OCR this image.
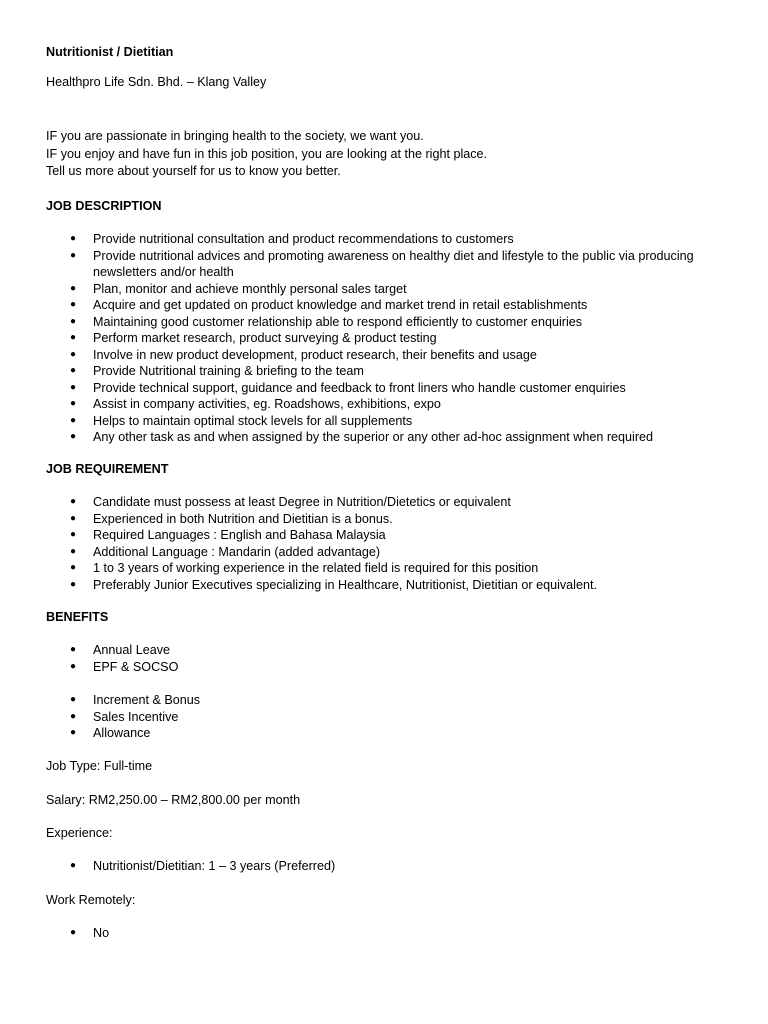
Nutritionist / Dietitian
Healthpro Life Sdn. Bhd. – Klang Valley
IF you are passionate in bringing health to the society, we want you.
IF you enjoy and have fun in this job position, you are looking at the right place.
Tell us more about yourself for us to know you better.
JOB DESCRIPTION
● Provide nutritional consultation and product recommendations to customers
● Provide nutritional advices and promoting awareness on healthy diet and lifestyle to the public via producing newsletters and/or health
● Plan, monitor and achieve monthly personal sales target
● Acquire and get updated on product knowledge and market trend in retail establishments
● Maintaining good customer relationship able to respond efficiently to customer enquiries
● Perform market research, product surveying & product testing
● Involve in new product development, product research, their benefits and usage
● Provide Nutritional training & briefing to the team
● Provide technical support, guidance and feedback to front liners who handle customer enquiries
● Assist in company activities, eg. Roadshows, exhibitions, expo
● Helps to maintain optimal stock levels for all supplements
● Any other task as and when assigned by the superior or any other ad-hoc assignment when required
JOB REQUIREMENT
● Candidate must possess at least Degree in Nutrition/Dietetics or equivalent
● Experienced in both Nutrition and Dietitian is a bonus.
● Required Languages : English and Bahasa Malaysia
● Additional Language : Mandarin (added advantage)
● 1 to 3 years of working experience in the related field is required for this position
● Preferably Junior Executives specializing in Healthcare, Nutritionist, Dietitian or equivalent.
BENEFITS
● Annual Leave
● EPF & SOCSO
● Increment & Bonus
● Sales Incentive
● Allowance
Job Type: Full-time
Salary: RM2,250.00 – RM2,800.00 per month
Experience:
● Nutritionist/Dietitian: 1 – 3 years (Preferred)
Work Remotely:
● No
